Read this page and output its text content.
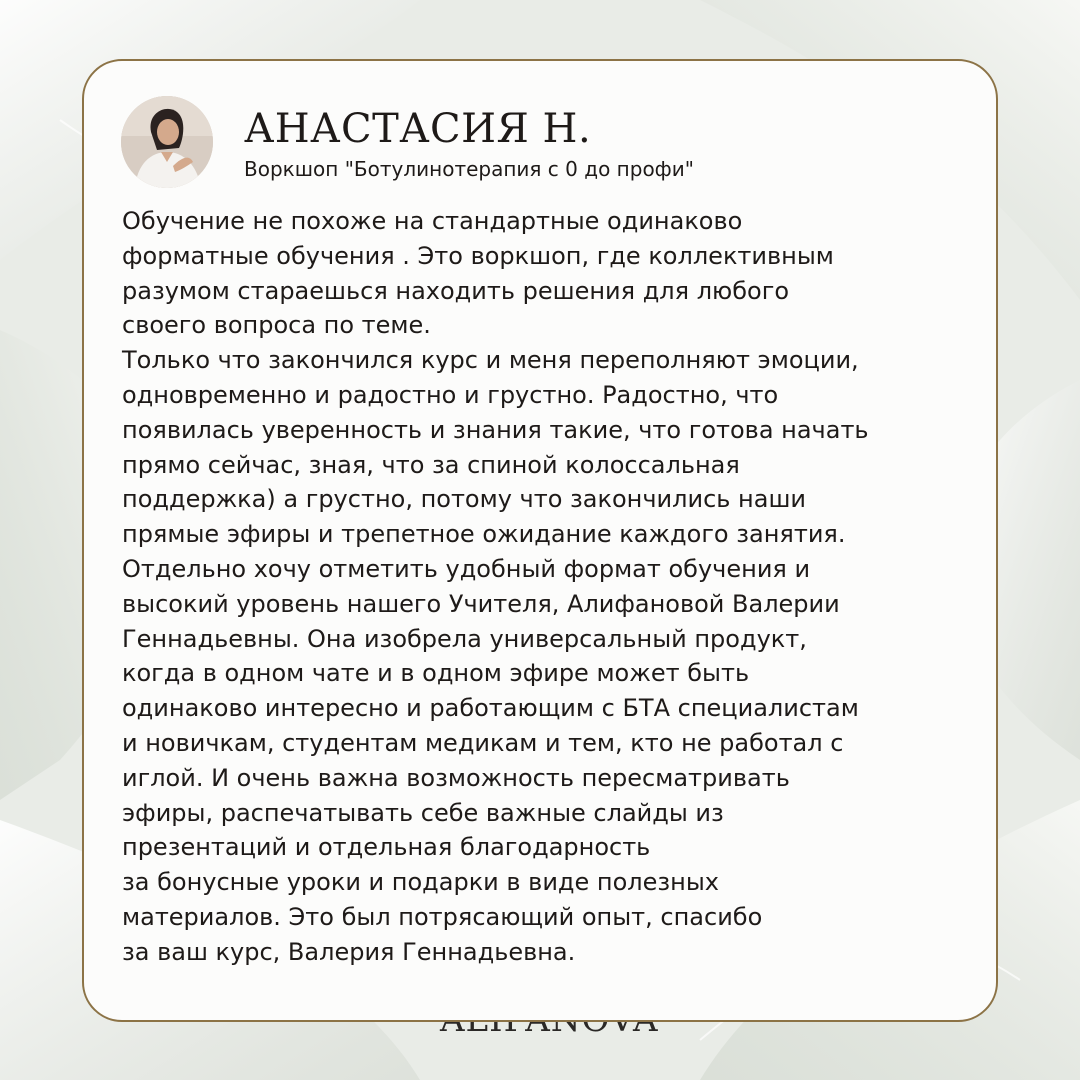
АНАСТАСИЯ Н.
Воркшоп "Ботулинотерапия с 0 до профи"

Обучение не похоже на стандартные одинаково
форматные обучения . Это воркшоп, где коллективным
разумом стараешься находить решения для любого
своего вопроса по теме.
Только что закончился курс и меня переполняют эмоции,
одновременно и радостно и грустно. Радостно, что
появилась уверенность и знания такие, что готова начать
прямо сейчас, зная, что за спиной колоссальная
поддержка) а грустно, потому что закончились наши
прямые эфиры и трепетное ожидание каждого занятия.
Отдельно хочу отметить удобный формат обучения и
высокий уровень нашего Учителя, Алифановой Валерии
Геннадьевны. Она изобрела универсальный продукт,
когда в одном чате и в одном эфире может быть
одинаково интересно и работающим с БТА специалистам
и новичкам, студентам медикам и тем, кто не работал с
иглой. И очень важна возможность пересматривать
эфиры, распечатывать себе важные слайды из
презентаций и отдельная благодарность
за бонусные уроки и подарки в виде полезных
материалов. Это был потрясающий опыт, спасибо
за ваш курс, Валерия Геннадьевна.
